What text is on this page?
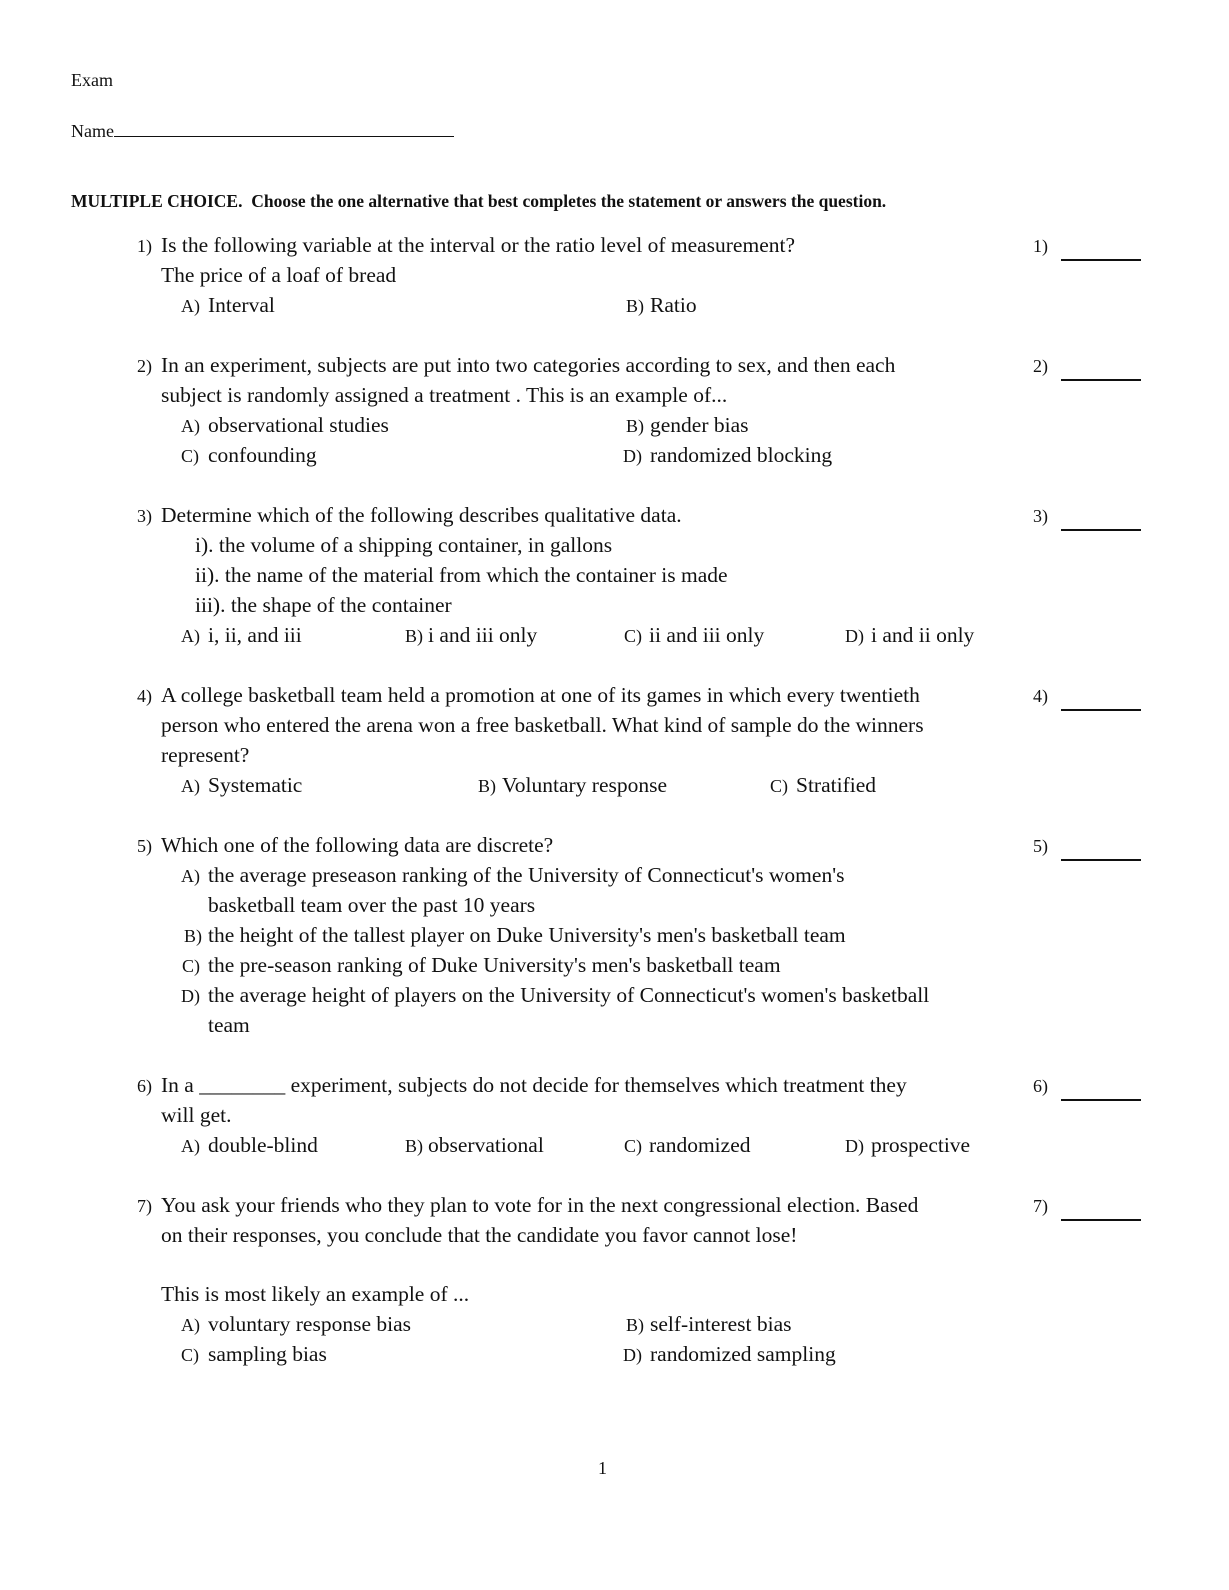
Exam
Name
MULTIPLE CHOICE. Choose the one alternative that best completes the statement or answers the question.
1) Is the following variable at the interval or the ratio level of measurement?
The price of a loaf of bread
A) Interval	B) Ratio
1)
2) In an experiment, subjects are put into two categories according to sex, and then each
subject is randomly assigned a treatment . This is an example of...
A) observational studies	B) gender bias
C) confounding	D) randomized blocking
2)
3) Determine which of the following describes qualitative data.
i). the volume of a shipping container, in gallons
ii). the name of the material from which the container is made
iii). the shape of the container
A) i, ii, and iii	B) i and iii only	C) ii and iii only	D) i and ii only
3)
4) A college basketball team held a promotion at one of its games in which every twentieth
person who entered the arena won a free basketball. What kind of sample do the winners
represent?
A) Systematic	B) Voluntary response	C) Stratified
4)
5) Which one of the following data are discrete?
A) the average preseason ranking of the University of Connecticut's women's
basketball team over the past 10 years
B) the height of the tallest player on Duke University's men's basketball team
C) the pre-season ranking of Duke University's men's basketball team
D) the average height of players on the University of Connecticut's women's basketball
team
5)
6) In a ________ experiment, subjects do not decide for themselves which treatment they
will get.
A) double-blind	B) observational	C) randomized	D) prospective
6)
7) You ask your friends who they plan to vote for in the next congressional election. Based
on their responses, you conclude that the candidate you favor cannot lose!
This is most likely an example of ...
A) voluntary response bias	B) self-interest bias
C) sampling bias	D) randomized sampling
7)
1
